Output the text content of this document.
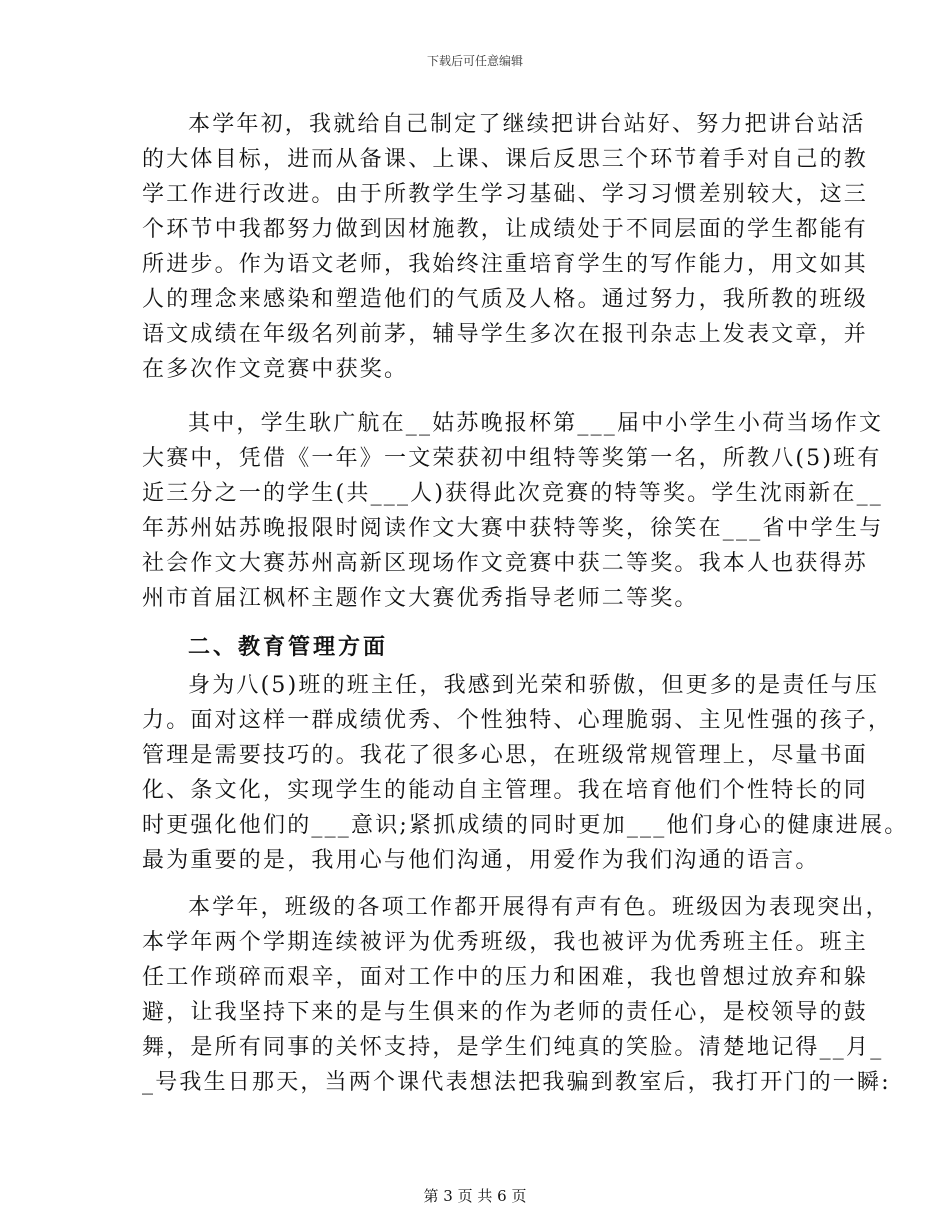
下载后可任意编辑
本学年初，我就给自己制定了继续把讲台站好、努力把讲台站活
的大体目标，进而从备课、上课、课后反思三个环节着手对自己的教
学工作进行改进。由于所教学生学习基础、学习习惯差别较大，这三
个环节中我都努力做到因材施教，让成绩处于不同层面的学生都能有
所进步。作为语文老师，我始终注重培育学生的写作能力，用文如其
人的理念来感染和塑造他们的气质及人格。通过努力，我所教的班级
语文成绩在年级名列前茅，辅导学生多次在报刊杂志上发表文章，并
在多次作文竞赛中获奖。
其中，学生耿广航在__姑苏晚报杯第___届中小学生小荷当场作文
大赛中，凭借《一年》一文荣获初中组特等奖第一名，所教八(5)班有
近三分之一的学生(共___人)获得此次竞赛的特等奖。学生沈雨新在__
年苏州姑苏晚报限时阅读作文大赛中获特等奖，徐笑在___省中学生与
社会作文大赛苏州高新区现场作文竞赛中获二等奖。我本人也获得苏
州市首届江枫杯主题作文大赛优秀指导老师二等奖。
二、教育管理方面
身为八(5)班的班主任，我感到光荣和骄傲，但更多的是责任与压
力。面对这样一群成绩优秀、个性独特、心理脆弱、主见性强的孩子，
管理是需要技巧的。我花了很多心思，在班级常规管理上，尽量书面
化、条文化，实现学生的能动自主管理。我在培育他们个性特长的同
时更强化他们的___意识;紧抓成绩的同时更加___他们身心的健康进展。
最为重要的是，我用心与他们沟通，用爱作为我们沟通的语言。
本学年，班级的各项工作都开展得有声有色。班级因为表现突出，
本学年两个学期连续被评为优秀班级，我也被评为优秀班主任。班主
任工作琐碎而艰辛，面对工作中的压力和困难，我也曾想过放弃和躲
避，让我坚持下来的是与生俱来的作为老师的责任心，是校领导的鼓
舞，是所有同事的关怀支持，是学生们纯真的笑脸。清楚地记得__月_
_号我生日那天，当两个课代表想法把我骗到教室后，我打开门的一瞬:
第 3 页 共 6 页
